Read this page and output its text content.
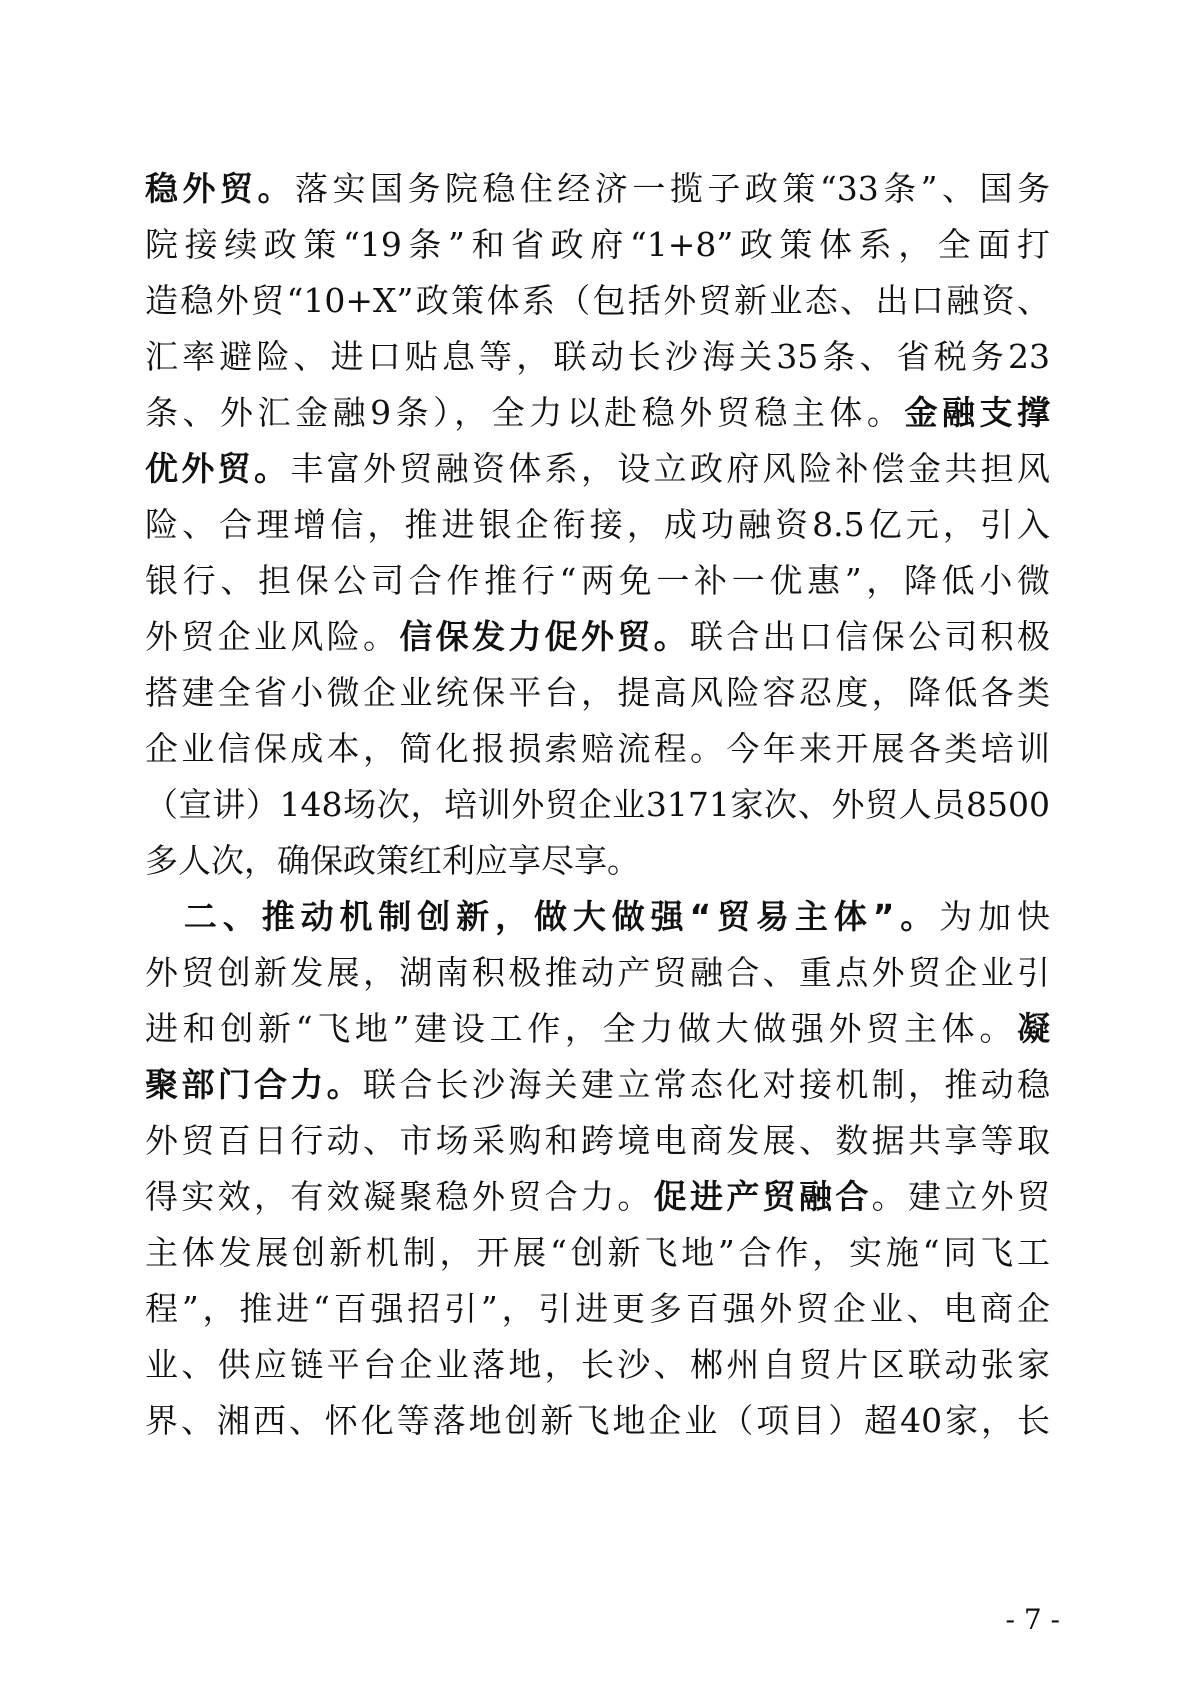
稳外贸。落实国务院稳住经济一揽子政策“33条”、国务
院接续政策“19条”和省政府“1+8”政策体系，全面打
造稳外贸“10+X”政策体系（包括外贸新业态、出口融资、
汇率避险、进口贴息等，联动长沙海关35条、省税务23
条、外汇金融9条），全力以赴稳外贸稳主体。金融支撑
优外贸。丰富外贸融资体系，设立政府风险补偿金共担风
险、合理增信，推进银企衔接，成功融资8.5亿元，引入
银行、担保公司合作推行“两免一补一优惠”，降低小微
外贸企业风险。信保发力促外贸。联合出口信保公司积极
搭建全省小微企业统保平台，提高风险容忍度，降低各类
企业信保成本，简化报损索赔流程。今年来开展各类培训
（宣讲）148场次，培训外贸企业3171家次、外贸人员8500
多人次，确保政策红利应享尽享。
　二、推动机制创新，做大做强“贸易主体”。为加快
外贸创新发展，湖南积极推动产贸融合、重点外贸企业引
进和创新“飞地”建设工作，全力做大做强外贸主体。凝
聚部门合力。联合长沙海关建立常态化对接机制，推动稳
外贸百日行动、市场采购和跨境电商发展、数据共享等取
得实效，有效凝聚稳外贸合力。促进产贸融合。建立外贸
主体发展创新机制，开展“创新飞地”合作，实施“同飞工
程”，推进“百强招引”，引进更多百强外贸企业、电商企
业、供应链平台企业落地，长沙、郴州自贸片区联动张家
界、湘西、怀化等落地创新飞地企业（项目）超40家，长
- 7 -
